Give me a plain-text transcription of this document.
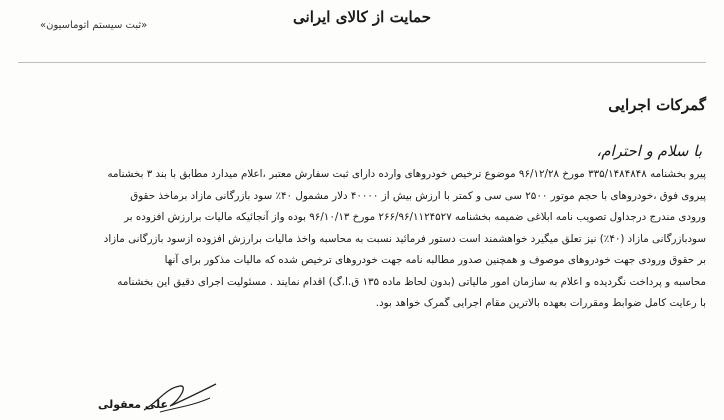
حمایت از کالای ایرانی
«ثبت سیستم اتوماسیون»
گمرکات اجرایی
با سلام و احترام،

پیرو بخشنامه ۳۳۵/۱۴۸۴۸۴۸ مورخ ۹۶/۱۲/۲۸ موضوع ترخیص خودروهای وارده دارای ثبت سفارش معتبر ،اعلام میدارد مطابق با بند ۳ بخشنامه

پیروی فوق ،خودروهای با حجم موتور ۲۵۰۰ سی سی و کمتر با ارزش بیش از ۴۰۰۰۰ دلار مشمول ۴۰٪ سود بازرگانی مازاد برماخذ حقوق

ورودی مندرج درجداول تصویب نامه ابلاغی ضمیمه بخشنامه ۲۶۶/۹۶/۱۱۲۴۵۲۷ مورخ ۹۶/۱۰/۱۳ بوده واز آنجائیکه مالیات برارزش افزوده بر

سودبازرگانی مازاد (۴۰٪) نیز تعلق میگیرد خواهشمند است دستور فرمائید نسبت به محاسبه واخذ مالیات برارزش افزوده ازسود بازرگانی مازاد

بر حقوق ورودی جهت خودروهای موصوف و همچنین صدور مطالبه نامه جهت خودروهای ترخیص شده که مالیات مذکور برای آنها

محاسبه و پرداخت نگردیده و اعلام به سازمان امور مالیاتی (بدون لحاظ ماده ۱۳۵ ق.ا.گ) اقدام نمایند . مسئولیت اجرای دقیق این بخشنامه

با رعایت کامل ضوابط ومقررات بعهده بالاترین مقام اجرایی گمرک خواهد بود.

علی معقولی
